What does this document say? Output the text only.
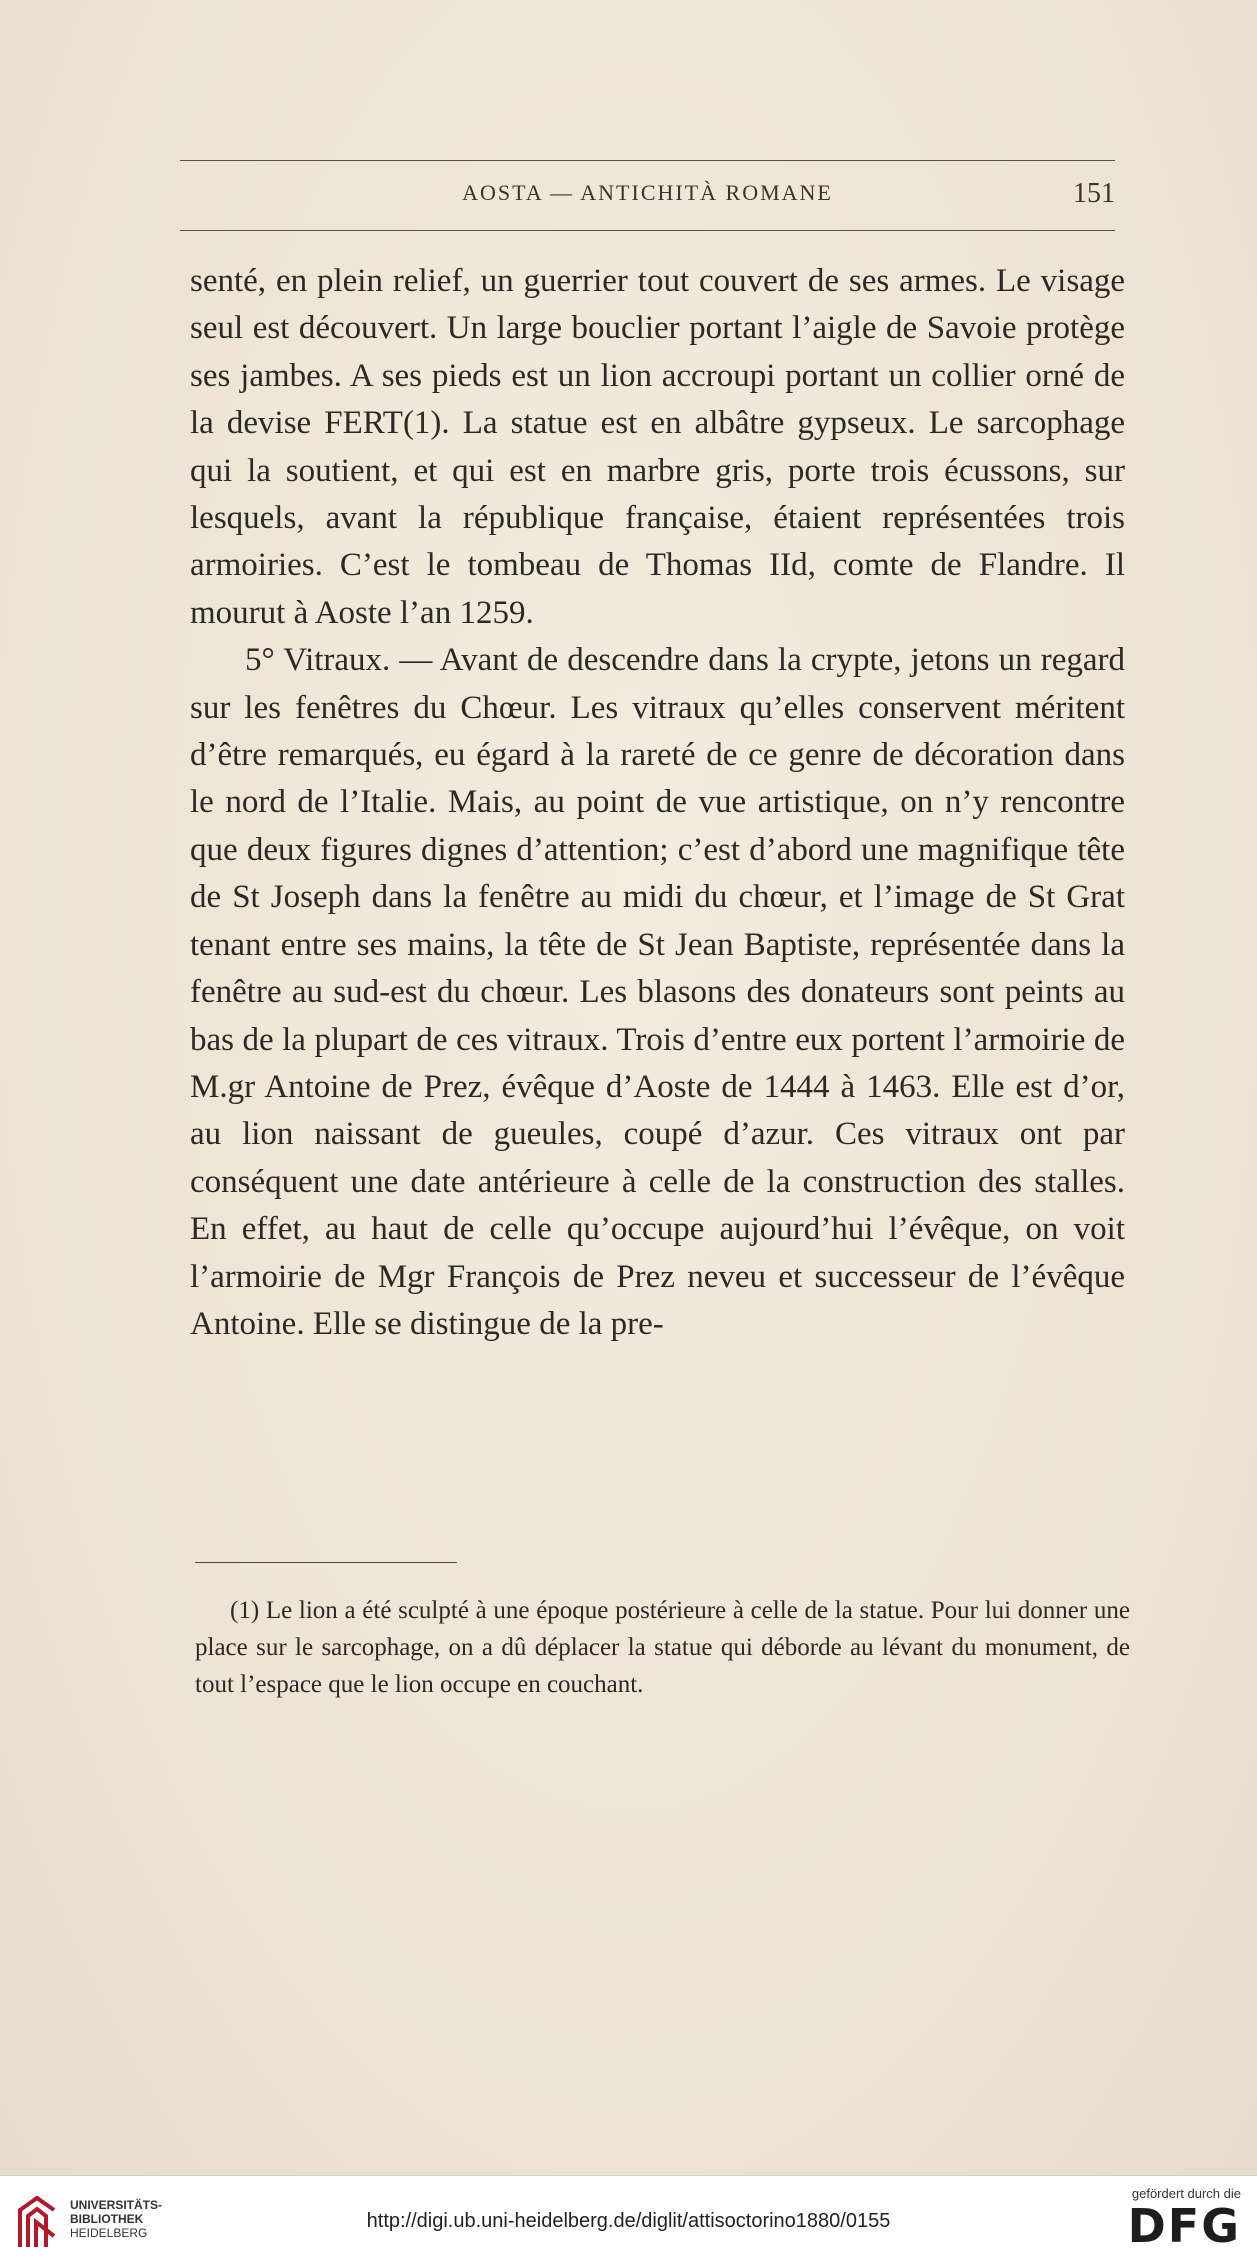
AOSTA — ANTICHITÀ ROMANE	151

senté, en plein relief, un guerrier tout couvert de ses armes. Le visage seul est découvert. Un large bouclier portant l’aigle de Savoie protège ses jambes. A ses pieds est un lion accroupi portant un collier orné de la devise FERT(1). La statue est en albâtre gypseux. Le sarcophage qui la soutient, et qui est en marbre gris, porte trois écussons, sur lesquels, avant la république française, étaient représentées trois armoiries. C’est le tombeau de Thomas IId, comte de Flandre. Il mourut à Aoste l’an 1259.

5° Vitraux. — Avant de descendre dans la crypte, jetons un regard sur les fenêtres du Chœur. Les vitraux qu’elles conservent méritent d’être remarqués, eu égard à la rareté de ce genre de décoration dans le nord de l’Italie. Mais, au point de vue artistique, on n’y rencontre que deux figures dignes d’attention; c’est d’abord une magnifique tête de St Joseph dans la fenêtre au midi du chœur, et l’image de St Grat tenant entre ses mains, la tête de St Jean Baptiste, représentée dans la fenêtre au sud-est du chœur. Les blasons des donateurs sont peints au bas de la plupart de ces vitraux. Trois d’entre eux portent l’armoirie de M.gr Antoine de Prez, évêque d’Aoste de 1444 à 1463. Elle est d’or, au lion naissant de gueules, coupé d’azur. Ces vitraux ont par conséquent une date antérieure à celle de la construction des stalles. En effet, au haut de celle qu’occupe aujourd’hui l’évêque, on voit l’armoirie de Mgr François de Prez neveu et successeur de l’évêque Antoine. Elle se distingue de la pre-

(1) Le lion a été sculpté à une époque postérieure à celle de la statue. Pour lui donner une place sur le sarcophage, on a dû déplacer la statue qui déborde au lévant du monument, de tout l’espace que le lion occupe en couchant.

UNIVERSITÄTS-
BIBLIOTHEK
HEIDELBERG
http://digi.ub.uni-heidelberg.de/diglit/attisoctorino1880/0155
gefördert durch die
DFG
